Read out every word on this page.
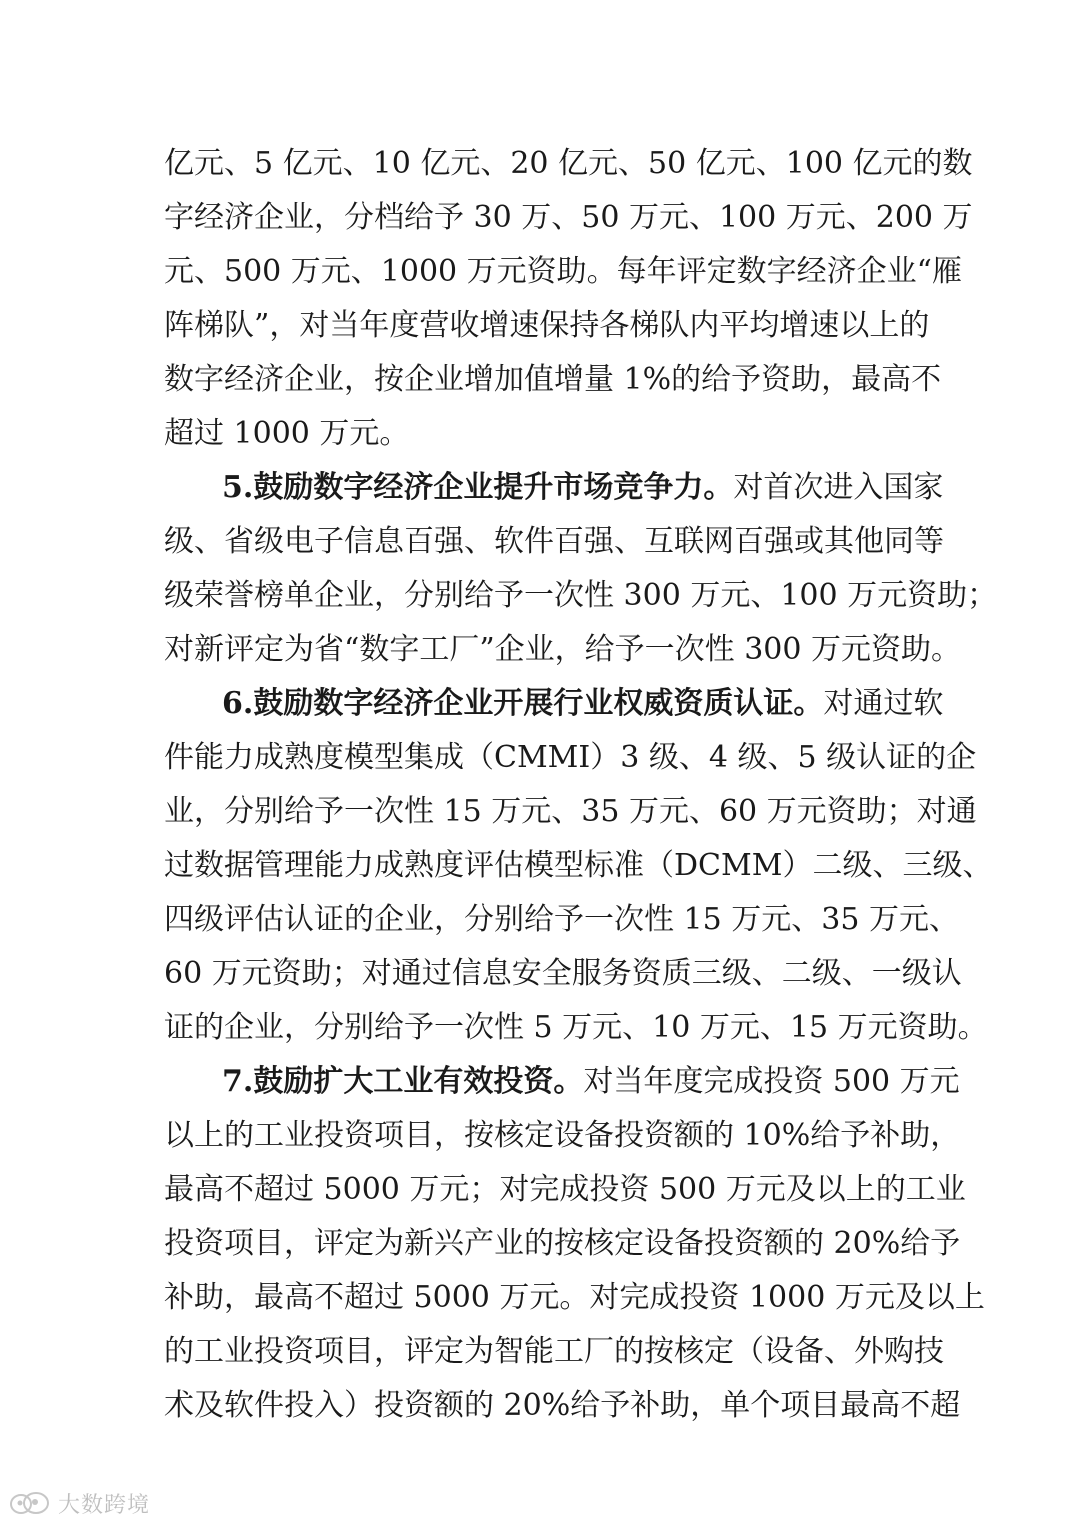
亿元、5 亿元、10 亿元、20 亿元、50 亿元、100 亿元的数
字经济企业，分档给予 30 万、50 万元、100 万元、200 万
元、500 万元、1000 万元资助。每年评定数字经济企业“雁
阵梯队”，对当年度营收增速保持各梯队内平均增速以上的
数字经济企业，按企业增加值增量 1%的给予资助，最高不
超过 1000 万元。
5.鼓励数字经济企业提升市场竞争力。对首次进入国家
级、省级电子信息百强、软件百强、互联网百强或其他同等
级荣誉榜单企业，分别给予一次性 300 万元、100 万元资助；
对新评定为省“数字工厂”企业，给予一次性 300 万元资助。
6.鼓励数字经济企业开展行业权威资质认证。对通过软
件能力成熟度模型集成（CMMI）3 级、4 级、5 级认证的企
业，分别给予一次性 15 万元、35 万元、60 万元资助；对通
过数据管理能力成熟度评估模型标准（DCMM）二级、三级、
四级评估认证的企业，分别给予一次性 15 万元、35 万元、
60 万元资助；对通过信息安全服务资质三级、二级、一级认
证的企业，分别给予一次性 5 万元、10 万元、15 万元资助。
7.鼓励扩大工业有效投资。对当年度完成投资 500 万元
以上的工业投资项目，按核定设备投资额的 10%给予补助，
最高不超过 5000 万元；对完成投资 500 万元及以上的工业
投资项目，评定为新兴产业的按核定设备投资额的 20%给予
补助，最高不超过 5000 万元。对完成投资 1000 万元及以上
的工业投资项目，评定为智能工厂的按核定（设备、外购技
术及软件投入）投资额的 20%给予补助，单个项目最高不超
大数跨境
